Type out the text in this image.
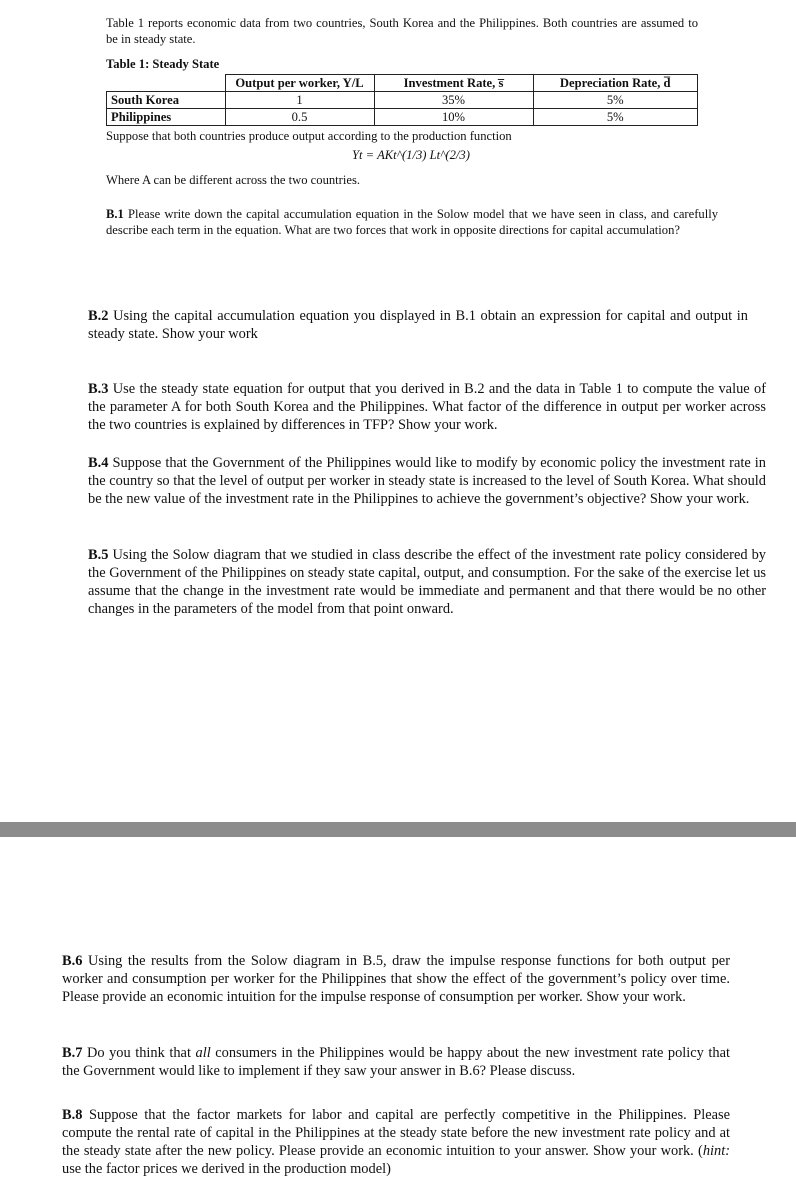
Table 1 reports economic data from two countries, South Korea and the Philippines. Both countries are assumed to be in steady state.
Table 1: Steady State
	Output per worker, Y/L	Investment Rate, s̅	Depreciation Rate, d̅
South Korea	1	35%	5%
Philippines	0.5	10%	5%
Suppose that both countries produce output according to the production function
Yt = AKt^(1/3) Lt^(2/3)
Where A can be different across the two countries.
B.1 Please write down the capital accumulation equation in the Solow model that we have seen in class, and carefully describe each term in the equation. What are two forces that work in opposite directions for capital accumulation?
B.2 Using the capital accumulation equation you displayed in B.1 obtain an expression for capital and output in steady state. Show your work
B.3 Use the steady state equation for output that you derived in B.2 and the data in Table 1 to compute the value of the parameter A for both South Korea and the Philippines. What factor of the difference in output per worker across the two countries is explained by differences in TFP? Show your work.
B.4 Suppose that the Government of the Philippines would like to modify by economic policy the investment rate in the country so that the level of output per worker in steady state is increased to the level of South Korea. What should be the new value of the investment rate in the Philippines to achieve the government’s objective? Show your work.
B.5 Using the Solow diagram that we studied in class describe the effect of the investment rate policy considered by the Government of the Philippines on steady state capital, output, and consumption. For the sake of the exercise let us assume that the change in the investment rate would be immediate and permanent and that there would be no other changes in the parameters of the model from that point onward.
B.6 Using the results from the Solow diagram in B.5, draw the impulse response functions for both output per worker and consumption per worker for the Philippines that show the effect of the government’s policy over time. Please provide an economic intuition for the impulse response of consumption per worker. Show your work.
B.7 Do you think that all consumers in the Philippines would be happy about the new investment rate policy that the Government would like to implement if they saw your answer in B.6? Please discuss.
B.8 Suppose that the factor markets for labor and capital are perfectly competitive in the Philippines. Please compute the rental rate of capital in the Philippines at the steady state before the new investment rate policy and at the steady state after the new policy. Please provide an economic intuition to your answer. Show your work. (hint: use the factor prices we derived in the production model)
